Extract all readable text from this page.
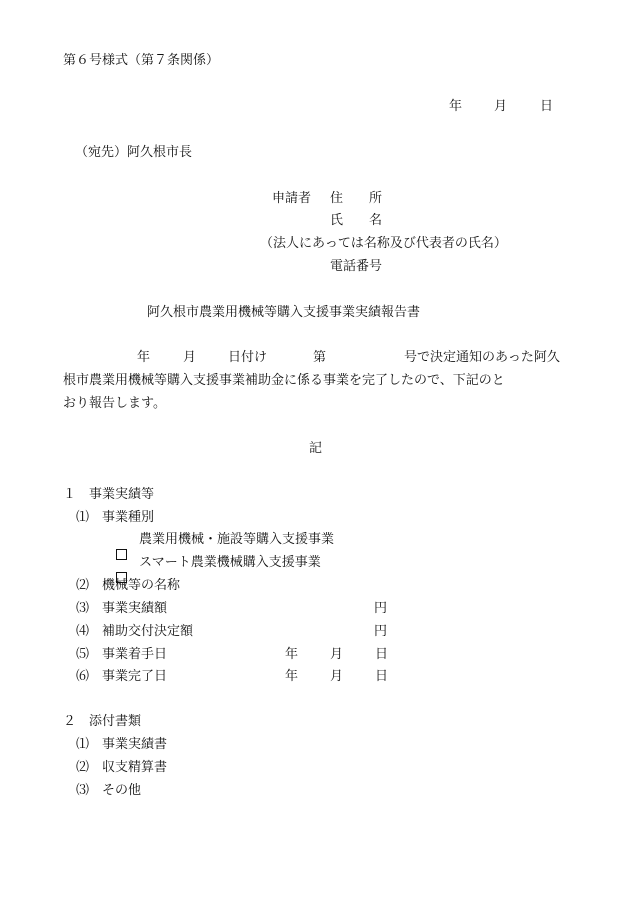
第６号様式（第７条関係）
年 月	日
（宛先）阿久根市長
申請者 住　　所
氏　　名
（法人にあっては名称及び代表者の氏名）
電話番号
阿久根市農業用機械等購入支援事業実績報告書
年	月 日付け	第	号で決定通知のあった阿久
根市農業用機械等購入支援事業補助金に係る事業を完了したので、下記のと
おり報告します。
記
１　事業実績等
⑴　事業種別

農業用機械・施設等購入支援事業

スマート農業機械購入支援事業
⑵　機械等の名称
⑶　事業実績額	円
⑷　補助交付決定額	円
⑸　事業着手日	年 月 日
⑹　事業完了日	年 月 日
２　添付書類
⑴　事業実績書
⑵　収支精算書
⑶　その他
